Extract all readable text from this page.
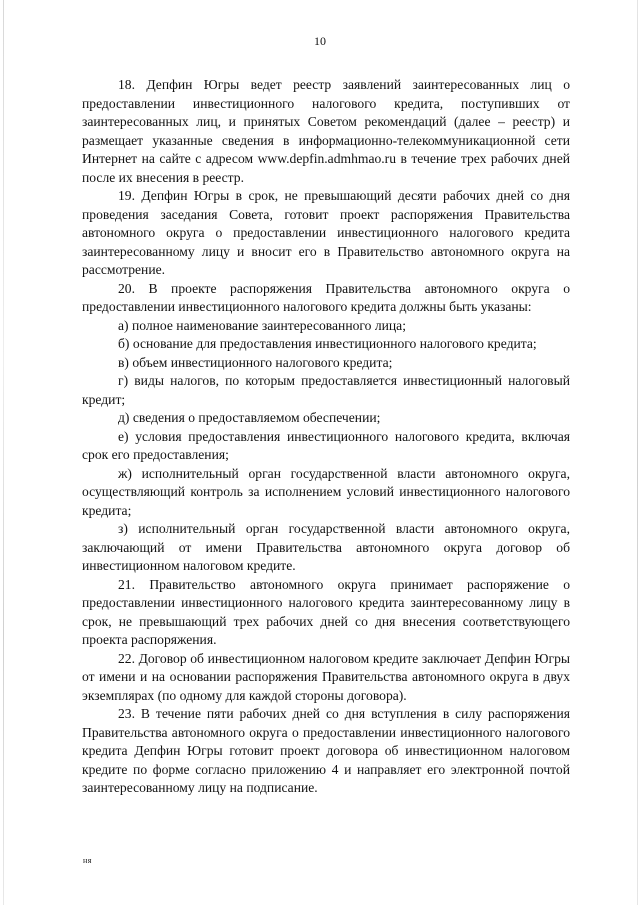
10

18. Депфин Югры ведет реестр заявлений заинтересованных лиц о предоставлении инвестиционного налогового кредита, поступивших от заинтересованных лиц, и принятых Советом рекомендаций (далее – реестр) и размещает указанные сведения в информационно-телекоммуникационной сети Интернет на сайте с адресом www.depfin.admhmao.ru в течение трех рабочих дней после их внесения в реестр.

19. Депфин Югры в срок, не превышающий десяти рабочих дней со дня проведения заседания Совета, готовит проект распоряжения Правительства автономного округа о предоставлении инвестиционного налогового кредита заинтересованному лицу и вносит его в Правительство автономного округа на рассмотрение.

20. В проекте распоряжения Правительства автономного округа о предоставлении инвестиционного налогового кредита должны быть указаны:

а) полное наименование заинтересованного лица;

б) основание для предоставления инвестиционного налогового кредита;

в) объем инвестиционного налогового кредита;

г) виды налогов, по которым предоставляется инвестиционный налоговый кредит;

д) сведения о предоставляемом обеспечении;

е) условия предоставления инвестиционного налогового кредита, включая срок его предоставления;

ж) исполнительный орган государственной власти автономного округа, осуществляющий контроль за исполнением условий инвестиционного налогового кредита;

з) исполнительный орган государственной власти автономного округа, заключающий от имени Правительства автономного округа договор об инвестиционном налоговом кредите.

21. Правительство автономного округа принимает распоряжение о предоставлении инвестиционного налогового кредита заинтересованному лицу в срок, не превышающий трех рабочих дней со дня внесения соответствующего проекта распоряжения.

22. Договор об инвестиционном налоговом кредите заключает Депфин Югры от имени и на основании распоряжения Правительства автономного округа в двух экземплярах (по одному для каждой стороны договора).

23. В течение пяти рабочих дней со дня вступления в силу распоряжения Правительства автономного округа о предоставлении инвестиционного налогового кредита Депфин Югры готовит проект договора об инвестиционном налоговом кредите по форме согласно приложению 4 и направляет его электронной почтой заинтересованному лицу на подписание.

ня
